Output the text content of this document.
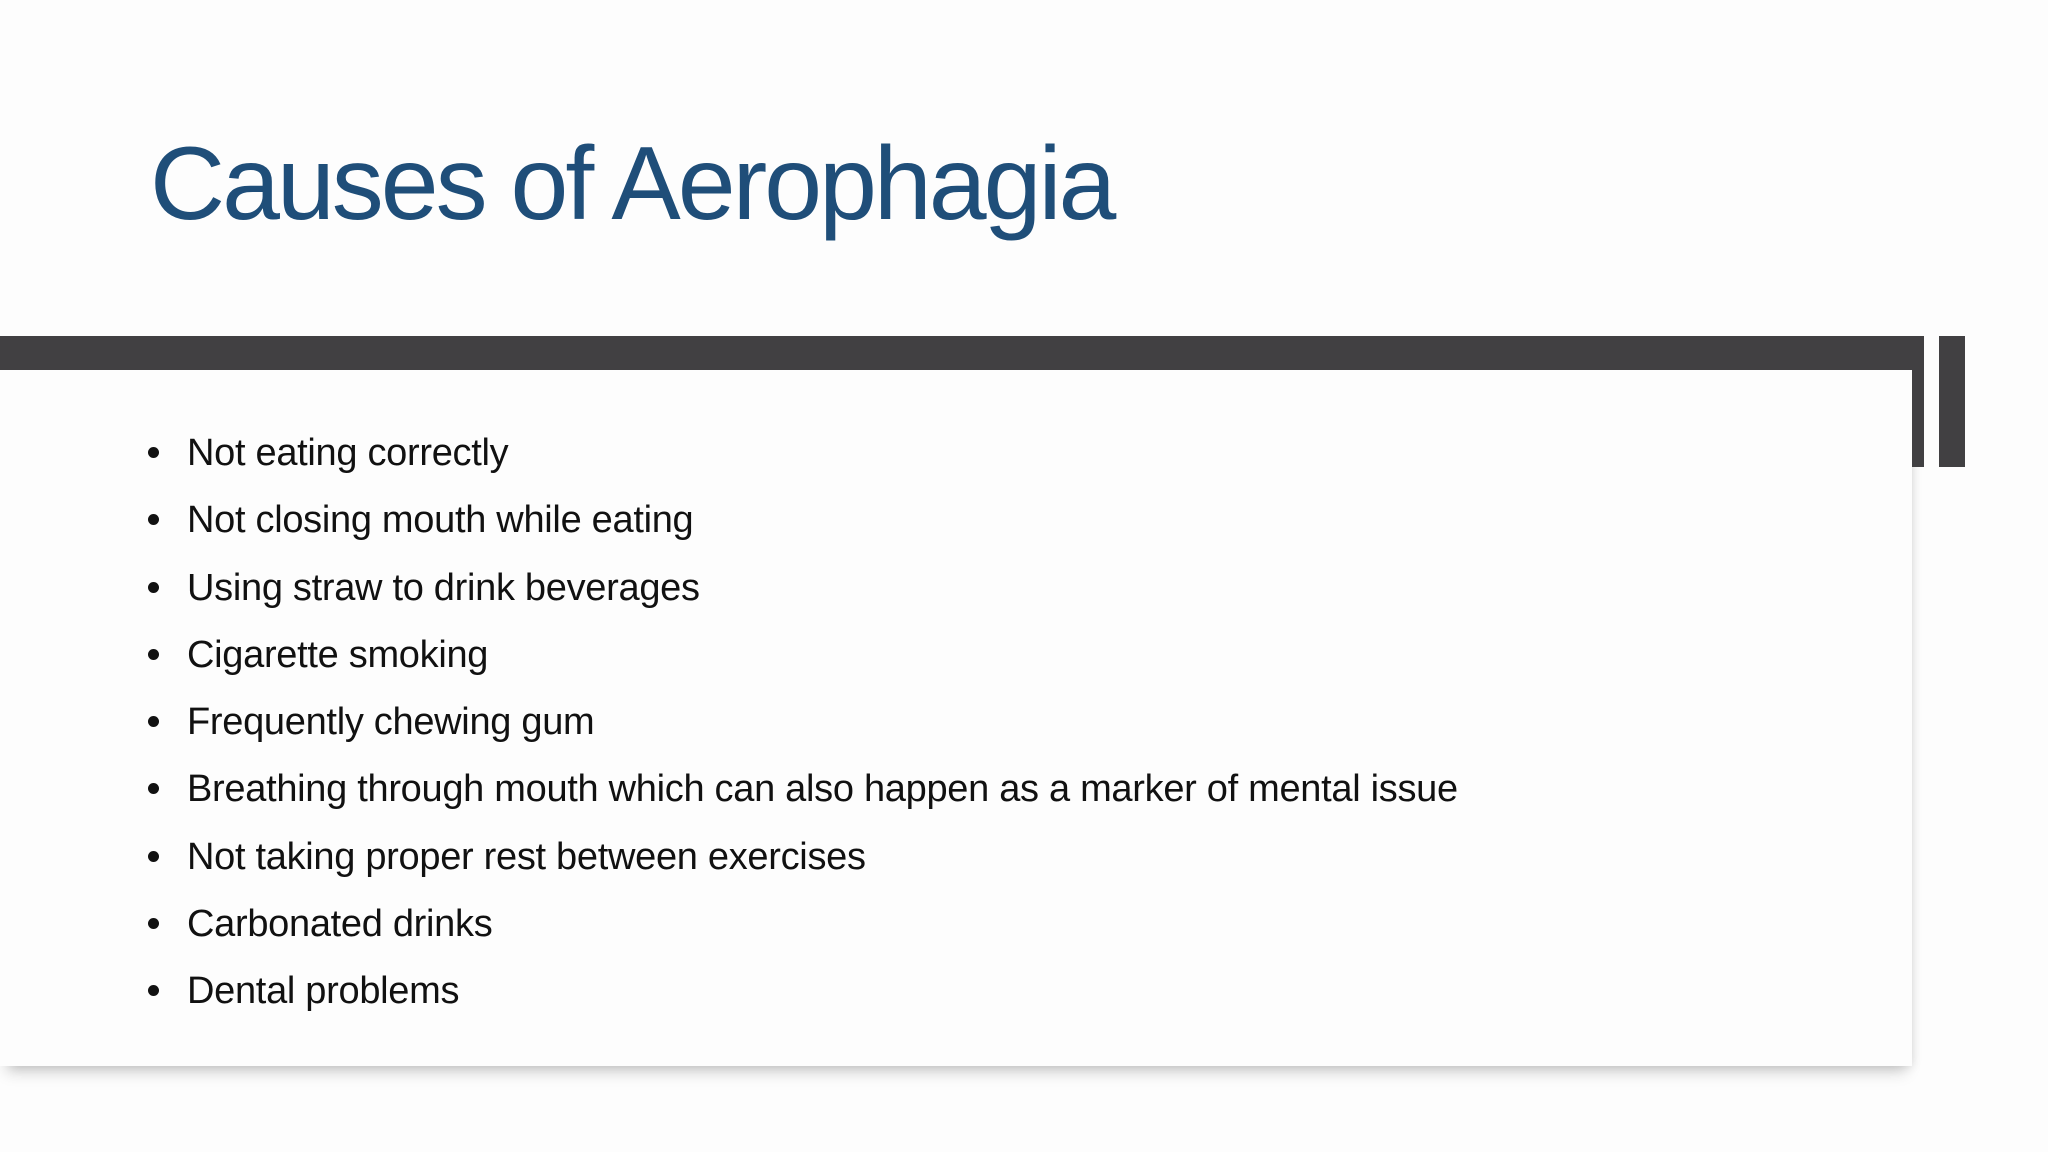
Causes of Aerophagia
Not eating correctly
Not closing mouth while eating
Using straw to drink beverages
Cigarette smoking
Frequently chewing gum
Breathing through mouth which can also happen as a marker of mental issue
Not taking proper rest between exercises
Carbonated drinks
Dental problems
